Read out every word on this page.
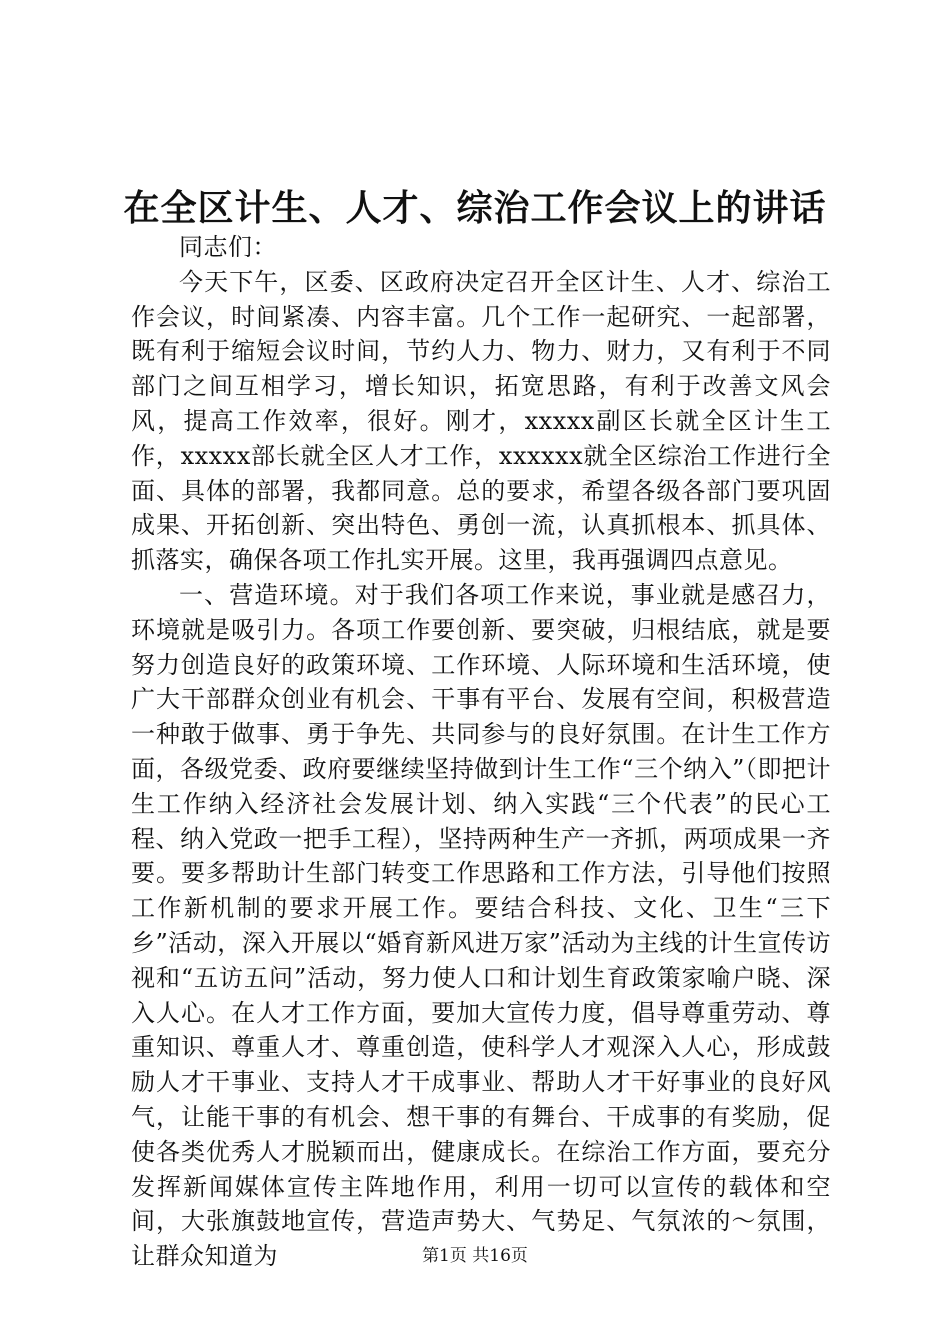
在全区计生、人才、综治工作会议上的讲话

同志们：

今天下午，区委、区政府决定召开全区计生、人才、综治工作会议，时间紧凑、内容丰富。几个工作一起研究、一起部署，既有利于缩短会议时间，节约人力、物力、财力，又有利于不同部门之间互相学习，增长知识，拓宽思路，有利于改善文风会风，提高工作效率，很好。刚才，xxxxx副区长就全区计生工作，xxxxx部长就全区人才工作，xxxxxx就全区综治工作进行全面、具体的部署，我都同意。总的要求，希望各级各部门要巩固成果、开拓创新、突出特色、勇创一流，认真抓根本、抓具体、抓落实，确保各项工作扎实开展。这里，我再强调四点意见。

一、营造环境。对于我们各项工作来说，事业就是感召力，环境就是吸引力。各项工作要创新、要突破，归根结底，就是要努力创造良好的政策环境、工作环境、人际环境和生活环境，使广大干部群众创业有机会、干事有平台、发展有空间，积极营造一种敢于做事、勇于争先、共同参与的良好氛围。在计生工作方面，各级党委、政府要继续坚持做到计生工作“三个纳入”（即把计生工作纳入经济社会发展计划、纳入实践“三个代表”的民心工程、纳入党政一把手工程），坚持两种生产一齐抓，两项成果一齐要。要多帮助计生部门转变工作思路和工作方法，引导他们按照工作新机制的要求开展工作。要结合科技、文化、卫生“三下乡”活动，深入开展以“婚育新风进万家”活动为主线的计生宣传访视和“五访五问”活动，努力使人口和计划生育政策家喻户晓、深入人心。在人才工作方面，要加大宣传力度，倡导尊重劳动、尊重知识、尊重人才、尊重创造，使科学人才观深入人心，形成鼓励人才干事业、支持人才干成事业、帮助人才干好事业的良好风气，让能干事的有机会、想干事的有舞台、干成事的有奖励，促使各类优秀人才脱颖而出，健康成长。在综治工作方面，要充分发挥新闻媒体宣传主阵地作用，利用一切可以宣传的载体和空间，大张旗鼓地宣传，营造声势大、气势足、气氛浓的～氛围，让群众知道为	第1页 共16页
